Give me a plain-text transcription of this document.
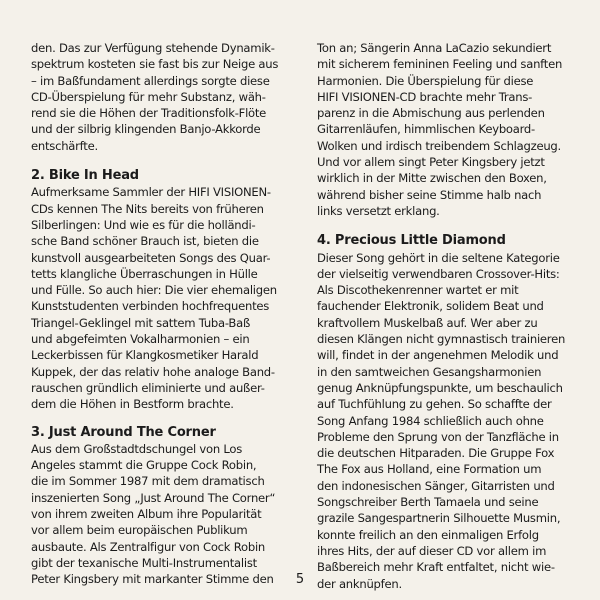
den. Das zur Verfügung stehende Dynamik-
spektrum kosteten sie fast bis zur Neige aus
– im Baßfundament allerdings sorgte diese
CD-Überspielung für mehr Substanz, wäh-
rend sie die Höhen der Traditionsfolk-Flöte
und der silbrig klingenden Banjo-Akkorde
entschärfte.

2. Bike In Head

Aufmerksame Sammler der HIFI VISIONEN-
CDs kennen The Nits bereits von früheren
Silberlingen: Und wie es für die holländi-
sche Band schöner Brauch ist, bieten die
kunstvoll ausgearbeiteten Songs des Quar-
tetts klangliche Überraschungen in Hülle
und Fülle. So auch hier: Die vier ehemaligen
Kunststudenten verbinden hochfrequentes
Triangel-Geklingel mit sattem Tuba-Baß
und abgefeimten Vokalharmonien – ein
Leckerbissen für Klangkosmetiker Harald
Kuppek, der das relativ hohe analoge Band-
rauschen gründlich eliminierte und außer-
dem die Höhen in Bestform brachte.

3. Just Around The Corner

Aus dem Großstadtdschungel von Los
Angeles stammt die Gruppe Cock Robin,
die im Sommer 1987 mit dem dramatisch
inszenierten Song „Just Around The Corner“
von ihrem zweiten Album ihre Popularität
vor allem beim europäischen Publikum
ausbaute. Als Zentralfigur von Cock Robin
gibt der texanische Multi-Instrumentalist
Peter Kingsbery mit markanter Stimme den

Ton an; Sängerin Anna LaCazio sekundiert
mit sicherem femininen Feeling und sanften
Harmonien. Die Überspielung für diese
HIFI VISIONEN-CD brachte mehr Trans-
parenz in die Abmischung aus perlenden
Gitarrenläufen, himmlischen Keyboard-
Wolken und irdisch treibendem Schlagzeug.
Und vor allem singt Peter Kingsbery jetzt
wirklich in der Mitte zwischen den Boxen,
während bisher seine Stimme halb nach
links versetzt erklang.

4. Precious Little Diamond

Dieser Song gehört in die seltene Kategorie
der vielseitig verwendbaren Crossover-Hits:
Als Discothekenrenner wartet er mit
fauchender Elektronik, solidem Beat und
kraftvollem Muskelbaß auf. Wer aber zu
diesen Klängen nicht gymnastisch trainieren
will, findet in der angenehmen Melodik und
in den samtweichen Gesangsharmonien
genug Anknüpfungspunkte, um beschaulich
auf Tuchfühlung zu gehen. So schaffte der
Song Anfang 1984 schließlich auch ohne
Probleme den Sprung von der Tanzfläche in
die deutschen Hitparaden. Die Gruppe Fox
The Fox aus Holland, eine Formation um
den indonesischen Sänger, Gitarristen und
Songschreiber Berth Tamaela und seine
grazile Sangespartnerin Silhouette Musmin,
konnte freilich an den einmaligen Erfolg
ihres Hits, der auf dieser CD vor allem im
Baßbereich mehr Kraft entfaltet, nicht wie-
der anknüpfen.

5
